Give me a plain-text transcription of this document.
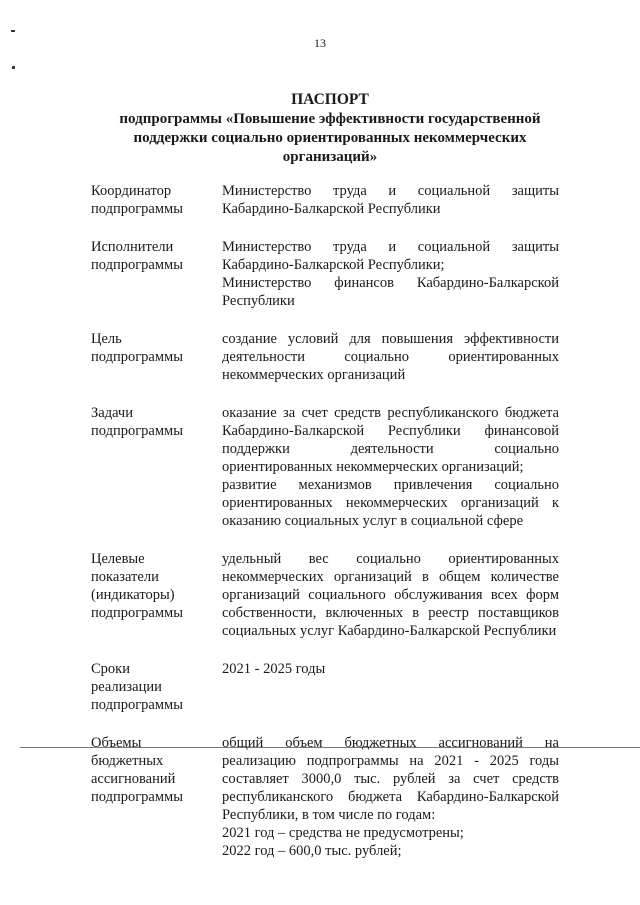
13
ПАСПОРТ
подпрограммы «Повышение эффективности государственной
поддержки социально ориентированных некоммерческих
организаций»
Координатор
подпрограммы
Министерство труда и социальной защиты Кабардино-Балкарской Республики
Исполнители
подпрограммы
Министерство труда и социальной защиты Кабардино-Балкарской Республики;
Министерство финансов Кабардино-Балкарской Республики
Цель
подпрограммы
создание условий для повышения эффективности деятельности социально ориентированных некоммерческих организаций
Задачи
подпрограммы
оказание за счет средств республиканского бюджета Кабардино-Балкарской Республики финансовой поддержки деятельности социально ориентированных некоммерческих организаций;
развитие механизмов привлечения социально ориентированных некоммерческих организаций к оказанию социальных услуг в социальной сфере
Целевые
показатели
(индикаторы)
подпрограммы
удельный вес социально ориентированных некоммерческих организаций в общем количестве организаций социального обслуживания всех форм собственности, включенных в реестр поставщиков социальных услуг Кабардино-Балкарской Республики
Сроки
реализации
подпрограммы
2021 - 2025 годы
Объемы
бюджетных
ассигнований
подпрограммы
общий объем бюджетных ассигнований на реализацию подпрограммы на 2021 - 2025 годы составляет 3000,0 тыс. рублей за счет средств республиканского бюджета Кабардино-Балкарской Республики, в том числе по годам:
2021 год – средства не предусмотрены;
2022 год – 600,0 тыс. рублей;
